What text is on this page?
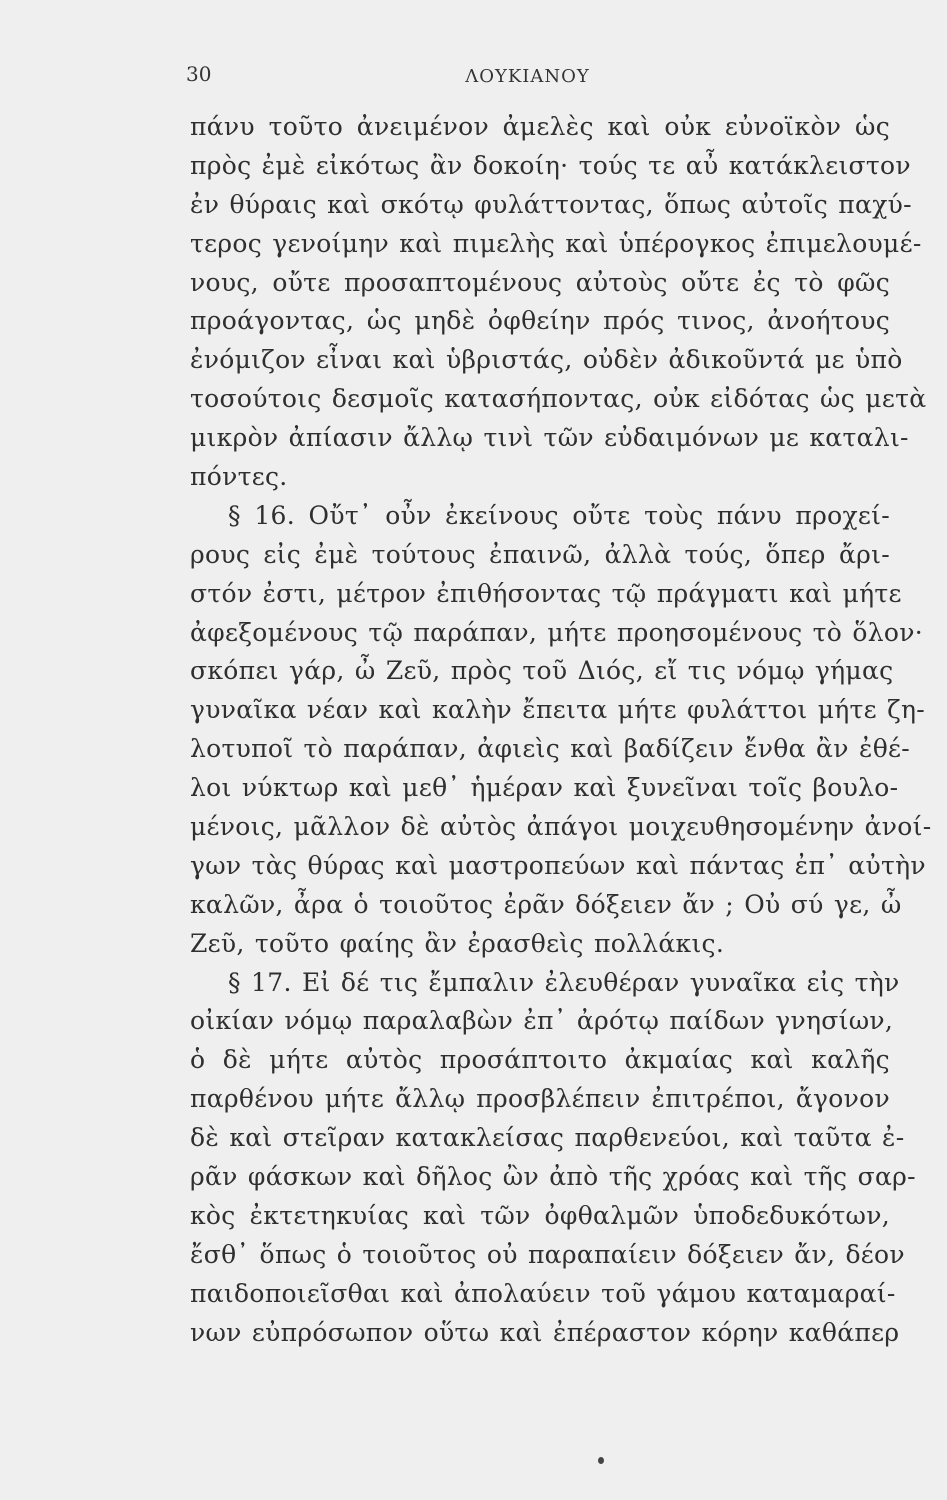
30	ΛΟΥΚΙΑΝΟΥ
πάνυ τοῦτο ἀνειμένον ἀμελὲς καὶ οὐκ εὐνοϊκὸν ὡς
πρὸς ἐμὲ εἰκότως ἂν δοκοίη· τούς τε αὖ κατάκλειστον
ἐν θύραις καὶ σκότῳ φυλάττοντας, ὅπως αὐτοῖς παχύ-
τερος γενοίμην καὶ πιμελὴς καὶ ὑπέρογκος ἐπιμελουμέ-
νους, οὔτε προσαπτομένους αὐτοὺς οὔτε ἐς τὸ φῶς
προάγοντας, ὡς μηδὲ ὀφθείην πρός τινος, ἀνοήτους
ἐνόμιζον εἶναι καὶ ὑβριστάς, οὐδὲν ἀδικοῦντά με ὑπὸ
τοσούτοις δεσμοῖς κατασήποντας, οὐκ εἰδότας ὡς μετὰ
μικρὸν ἀπίασιν ἄλλῳ τινὶ τῶν εὐδαιμόνων με καταλι-
πόντες.
§ 16. Οὔτ᾽ οὖν ἐκείνους οὔτε τοὺς πάνυ προχεί-
ρους εἰς ἐμὲ τούτους ἐπαινῶ, ἀλλὰ τούς, ὅπερ ἄρι-
στόν ἐστι, μέτρον ἐπιθήσοντας τῷ πράγματι καὶ μήτε
ἀφεξομένους τῷ παράπαν, μήτε προησομένους τὸ ὅλον·
σκόπει γάρ, ὦ Ζεῦ, πρὸς τοῦ Διός, εἴ τις νόμῳ γήμας
γυναῖκα νέαν καὶ καλὴν ἔπειτα μήτε φυλάττοι μήτε ζη-
λοτυποῖ τὸ παράπαν, ἀφιεὶς καὶ βαδίζειν ἔνθα ἂν ἐθέ-
λοι νύκτωρ καὶ μεθ᾽ ἡμέραν καὶ ξυνεῖναι τοῖς βουλο-
μένοις, μᾶλλον δὲ αὐτὸς ἀπάγοι μοιχευθησομένην ἀνοί-
γων τὰς θύρας καὶ μαστροπεύων καὶ πάντας ἐπ᾽ αὐτὴν
καλῶν, ἆρα ὁ τοιοῦτος ἐρᾶν δόξειεν ἄν ; Οὐ σύ γε, ὦ
Ζεῦ, τοῦτο φαίης ἂν ἐρασθεὶς πολλάκις.
§ 17. Εἰ δέ τις ἔμπαλιν ἐλευθέραν γυναῖκα εἰς τὴν
οἰκίαν νόμῳ παραλαβὼν ἐπ᾽ ἀρότῳ παίδων γνησίων,
ὁ δὲ μήτε αὐτὸς προσάπτοιτο ἀκμαίας καὶ καλῆς
παρθένου μήτε ἄλλῳ προσβλέπειν ἐπιτρέποι, ἄγονον
δὲ καὶ στεῖραν κατακλείσας παρθενεύοι, καὶ ταῦτα ἐ-
ρᾶν φάσκων καὶ δῆλος ὢν ἀπὸ τῆς χρόας καὶ τῆς σαρ-
κὸς ἐκτετηκυίας καὶ τῶν ὀφθαλμῶν ὑποδεδυκότων,
ἔσθ᾽ ὅπως ὁ τοιοῦτος οὐ παραπαίειν δόξειεν ἄν, δέον
παιδοποιεῖσθαι καὶ ἀπολαύειν τοῦ γάμου καταμαραί-
νων εὐπρόσωπον οὕτω καὶ ἐπέραστον κόρην καθάπερ
